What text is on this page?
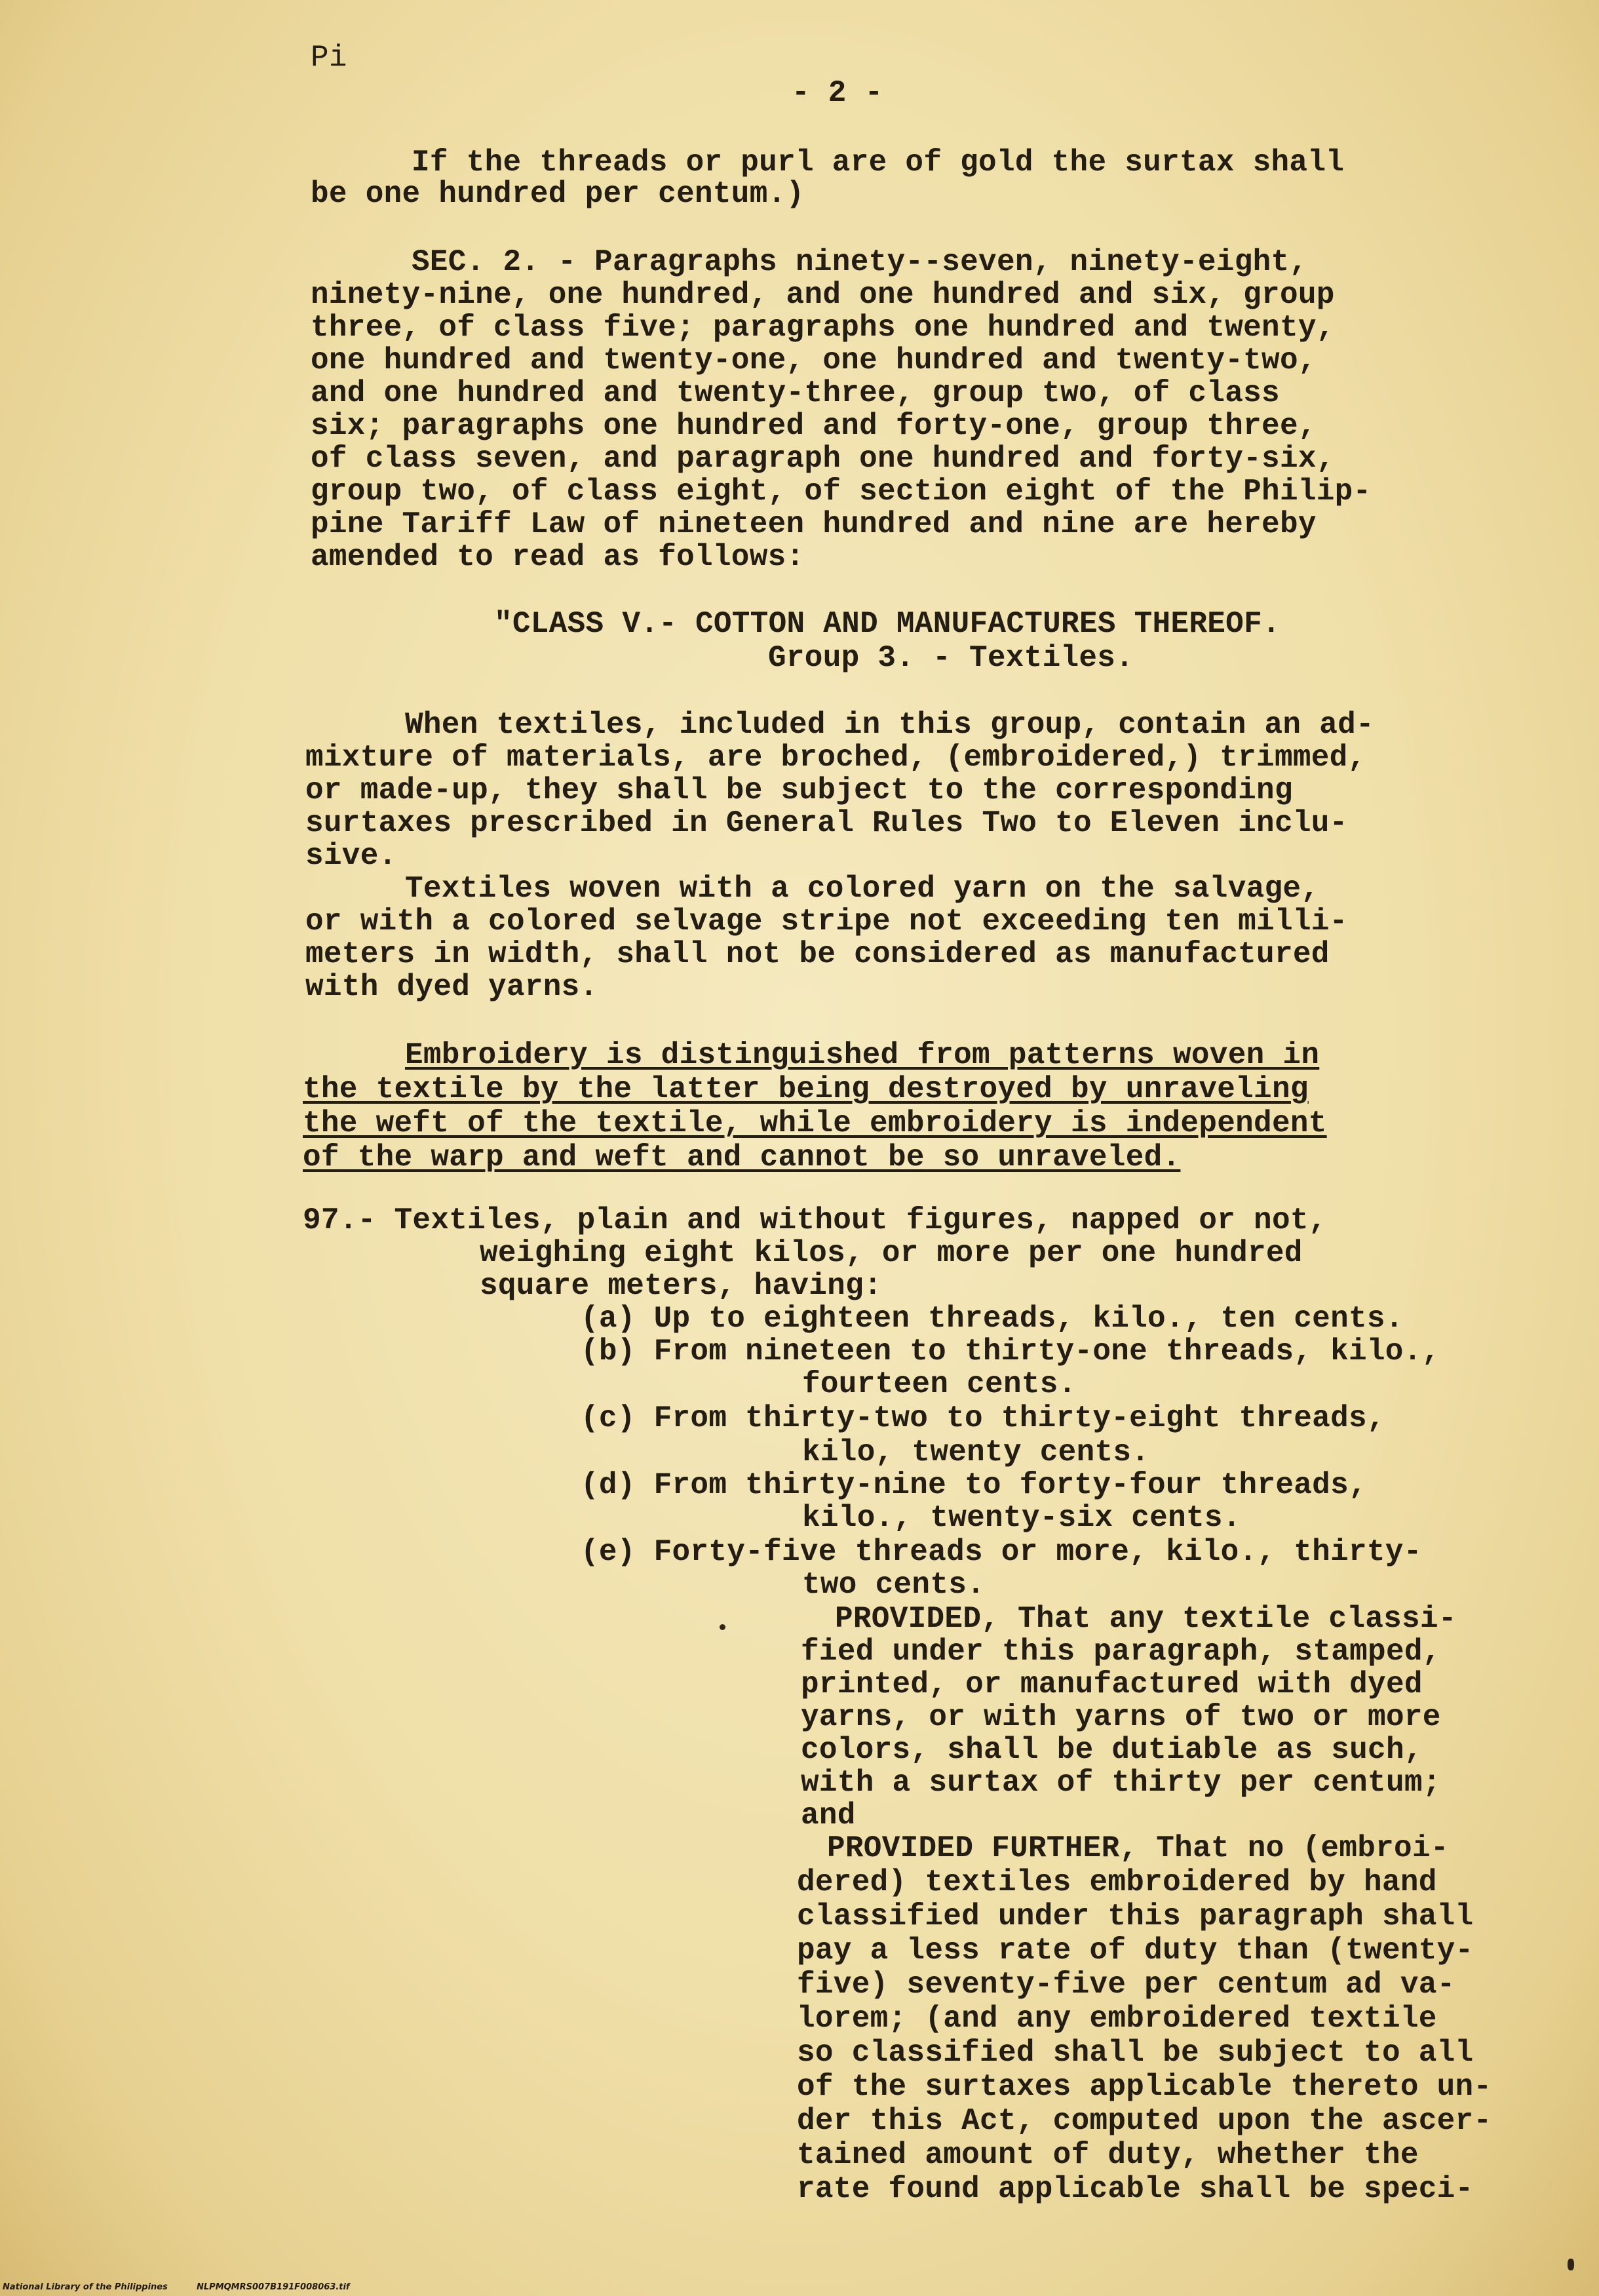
Pi
- 2 -
If the threads or purl are of gold the surtax shall
be one hundred per centum.)
SEC. 2. - Paragraphs ninety--seven, ninety-eight,
ninety-nine, one hundred, and one hundred and six, group
three, of class five; paragraphs one hundred and twenty,
one hundred and twenty-one, one hundred and twenty-two,
and one hundred and twenty-three, group two, of class
six; paragraphs one hundred and forty-one, group three,
of class seven, and paragraph one hundred and forty-six,
group two, of class eight, of section eight of the Philip-
pine Tariff Law of nineteen hundred and nine are hereby
amended to read as follows:
"CLASS V.- COTTON AND MANUFACTURES THEREOF.
Group 3. - Textiles.
When textiles, included in this group, contain an ad-
mixture of materials, are broched, (embroidered,) trimmed,
or made-up, they shall be subject to the corresponding
surtaxes prescribed in General Rules Two to Eleven inclu-
sive.
Textiles woven with a colored yarn on the salvage,
or with a colored selvage stripe not exceeding ten milli-
meters in width, shall not be considered as manufactured
with dyed yarns.
Embroidery is distinguished from patterns woven in
the textile by the latter being destroyed by unraveling
the weft of the textile, while embroidery is independent
of the warp and weft and cannot be so unraveled.
97.- Textiles, plain and without figures, napped or not,
weighing eight kilos, or more per one hundred
square meters, having:
(a) Up to eighteen threads, kilo., ten cents.
(b) From nineteen to thirty-one threads, kilo.,
fourteen cents.
(c) From thirty-two to thirty-eight threads,
kilo, twenty cents.
(d) From thirty-nine to forty-four threads,
kilo., twenty-six cents.
(e) Forty-five threads or more, kilo., thirty-
two cents.
PROVIDED, That any textile classi-
fied under this paragraph, stamped,
printed, or manufactured with dyed
yarns, or with yarns of two or more
colors, shall be dutiable as such,
with a surtax of thirty per centum;
and
PROVIDED FURTHER, That no (embroi-
dered) textiles embroidered by hand
classified under this paragraph shall
pay a less rate of duty than (twenty-
five) seventy-five per centum ad va-
lorem; (and any embroidered textile
so classified shall be subject to all
of the surtaxes applicable thereto un-
der this Act, computed upon the ascer-
tained amount of duty, whether the
rate found applicable shall be speci-
National Library of the Philippines	NLPMQMRS007B191F008063.tif
